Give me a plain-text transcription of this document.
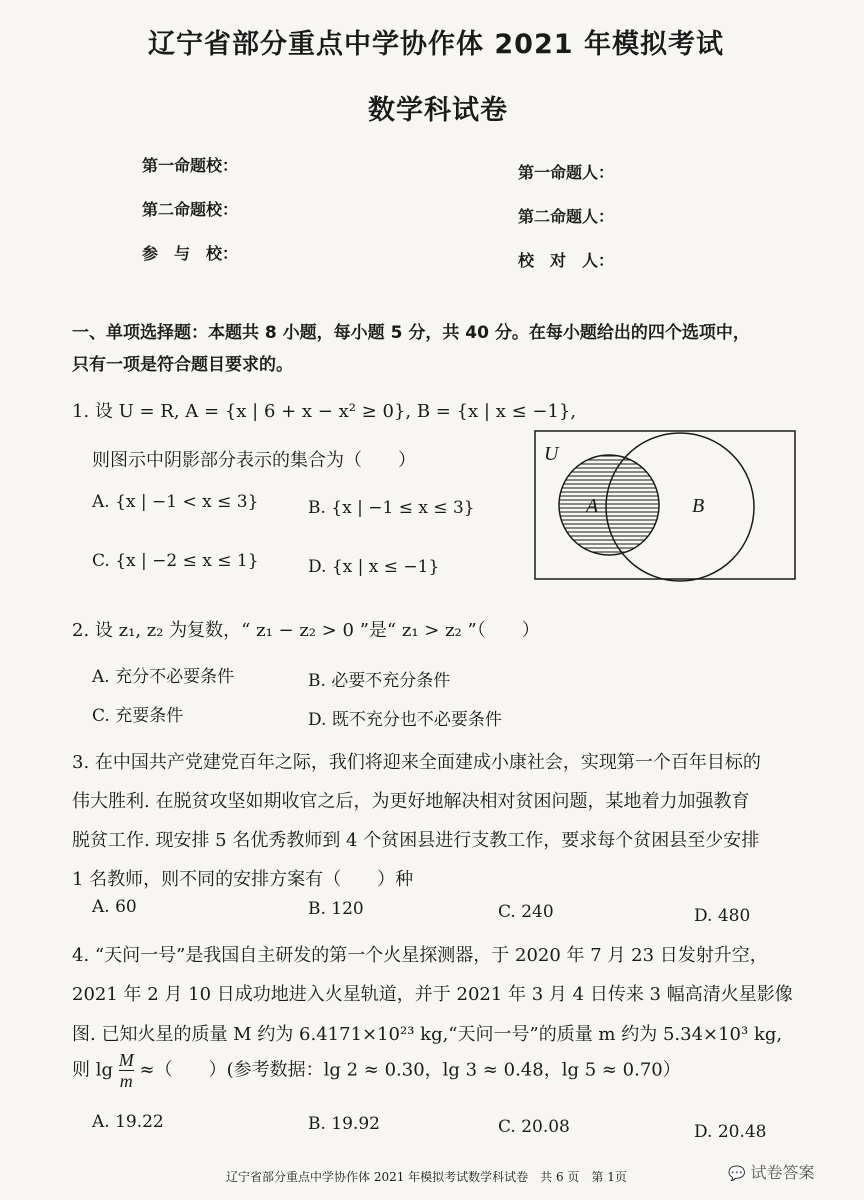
辽宁省部分重点中学协作体 2021 年模拟考试
数学科试卷
第一命题校：	第一命题人：
第二命题校：	第二命题人：
参　与　校：	校　对　人：
一、单项选择题：本题共 8 小题，每小题 5 分，共 40 分。在每小题给出的四个选项中，
只有一项是符合题目要求的。
1. 设 U = R, A = {x | 6 + x − x² ≥ 0}, B = {x | x ≤ −1},
则图示中阴影部分表示的集合为（　　）
A. {x | −1 < x ≤ 3}	B. {x | −1 ≤ x ≤ 3}
C. {x | −2 ≤ x ≤ 1}	D. {x | x ≤ −1}
U
A	B
2. 设 z₁, z₂ 为复数，“ z₁ − z₂ > 0 ”是“ z₁ > z₂ ”（　　）
A. 充分不必要条件	B. 必要不充分条件
C. 充要条件	D. 既不充分也不必要条件
3. 在中国共产党建党百年之际，我们将迎来全面建成小康社会，实现第一个百年目标的
伟大胜利. 在脱贫攻坚如期收官之后，为更好地解决相对贫困问题，某地着力加强教育
脱贫工作. 现安排 5 名优秀教师到 4 个贫困县进行支教工作，要求每个贫困县至少安排
1 名教师，则不同的安排方案有（　　）种
A. 60	B. 120	C. 240	D. 480
4. “天问一号”是我国自主研发的第一个火星探测器，于 2020 年 7 月 23 日发射升空，
2021 年 2 月 10 日成功地进入火星轨道，并于 2021 年 3 月 4 日传来 3 幅高清火星影像
图. 已知火星的质量 M 约为 6.4171×10²³ kg,“天问一号”的质量 m 约为 5.34×10³ kg,
则 $\lg \frac{M}{m}$ ≈（　　）(参考数据：lg 2 ≈ 0.30，lg 3 ≈ 0.48，lg 5 ≈ 0.70）
A. 19.22	B. 19.92	C. 20.08	D. 20.48
辽宁省部分重点中学协作体 2021 年模拟考试数学科试卷　共 6 页　第 1页	💬 试卷答案
